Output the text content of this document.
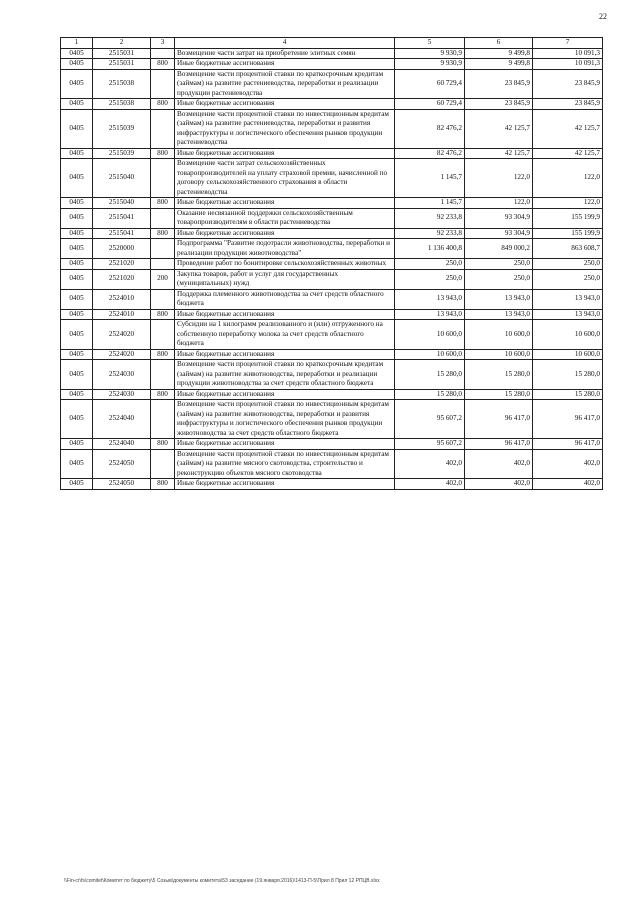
22
1	2	3	4	5	6	7
0405	2515031		Возмещение части затрат на приобретение элитных семян	9 930,9	9 499,8	10 091,3
0405	2515031	800	Иные бюджетные ассигнования	9 930,9	9 499,8	10 091,3
0405	2515038		Возмещение части процентной ставки по краткосрочным кредитам (займам) на развитие растениеводства, переработки и реализации продукции растениеводства	60 729,4	23 845,9	23 845,9
0405	2515038	800	Иные бюджетные ассигнования	60 729,4	23 845,9	23 845,9
0405	2515039		Возмещение части процентной ставки по инвестиционным кредитам (займам) на развитие растениеводства, переработки и развития инфраструктуры и логистического обеспечения рынков продукции растениеводства	82 476,2	42 125,7	42 125,7
0405	2515039	800	Иные бюджетные ассигнования	82 476,2	42 125,7	42 125,7
0405	2515040		Возмещение части затрат сельскохозяйственных товаропроизводителей на уплату страховой премии, начисленной по договору сельскохозяйственного страхования в области растениеводства	1 145,7	122,0	122,0
0405	2515040	800	Иные бюджетные ассигнования	1 145,7	122,0	122,0
0405	2515041		Оказание несвязанной поддержки сельскохозяйственным товаропроизводителям в области растениеводства	92 233,8	93 304,9	155 199,9
0405	2515041	800	Иные бюджетные ассигнования	92 233,8	93 304,9	155 199,9
0405	2520000		Подпрограмма "Развитие подотрасли животноводства, переработки и реализации продукции животноводства"	1 136 400,8	849 000,2	863 608,7
0405	2521020		Проведение работ по бонитировке сельскохозяйственных животных	250,0	250,0	250,0
0405	2521020	200	Закупка товаров, работ и услуг для государственных (муниципальных) нужд	250,0	250,0	250,0
0405	2524010		Поддержка племенного животноводства за счет средств областного бюджета	13 943,0	13 943,0	13 943,0
0405	2524010	800	Иные бюджетные ассигнования	13 943,0	13 943,0	13 943,0
0405	2524020		Субсидии на 1 килограмм реализованного и (или) отгруженного на собственную переработку молока за счет средств областного бюджета	10 600,0	10 600,0	10 600,0
0405	2524020	800	Иные бюджетные ассигнования	10 600,0	10 600,0	10 600,0
0405	2524030		Возмещение части процентной ставки по краткосрочным кредитам (займам) на развитие животноводства, переработки и реализации продукции животноводства за счет средств областного бюджета	15 280,0	15 280,0	15 280,0
0405	2524030	800	Иные бюджетные ассигнования	15 280,0	15 280,0	15 280,0
0405	2524040		Возмещение части процентной ставки по инвестиционным кредитам (займам) на развитие животноводства, переработки и развития инфраструктуры и логистического обеспечения рынков продукции животноводства за счет средств областного бюджета	95 607,2	96 417,0	96 417,0
0405	2524040	800	Иные бюджетные ассигнования	95 607,2	96 417,0	96 417,0
0405	2524050		Возмещение части процентной ставки по инвестиционным кредитам (займам) на развитие мясного скотоводства, строительство и реконструкцию объектов мясного скотоводства	402,0	402,0	402,0
0405	2524050	800	Иные бюджетные ассигнования	402,0	402,0	402,0
\\Fin-cr\fs\comitet\Комитет по бюджету\5 Созыв\документы комитета\53 заседание (19.января.2016)\1413-П-5\Прил 8 Прил 12 РПЦВ.xlsx
